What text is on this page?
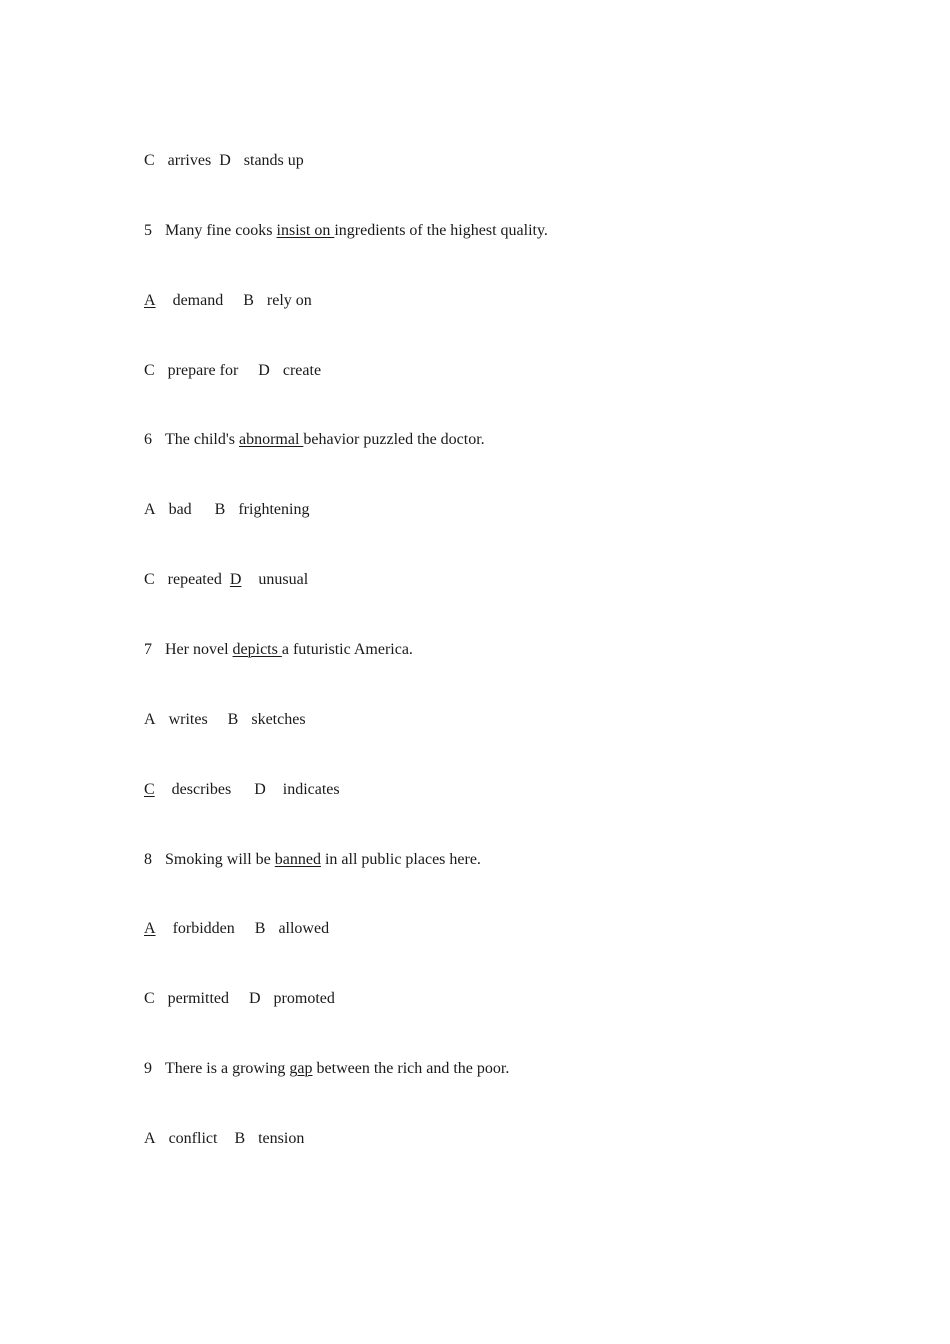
C arrives D stands up
5 Many fine cooks insist on ingredients of the highest quality.
A demand B rely on
C prepare for D create
6 The child's abnormal behavior puzzled the doctor.
A bad B frightening
C repeated D unusual
7 Her novel depicts a futuristic America.
A writes B sketches
C describes D indicates
8 Smoking will be banned in all public places here.
A forbidden B allowed
C permitted D promoted
9 There is a growing gap between the rich and the poor.
A conflict B tension
